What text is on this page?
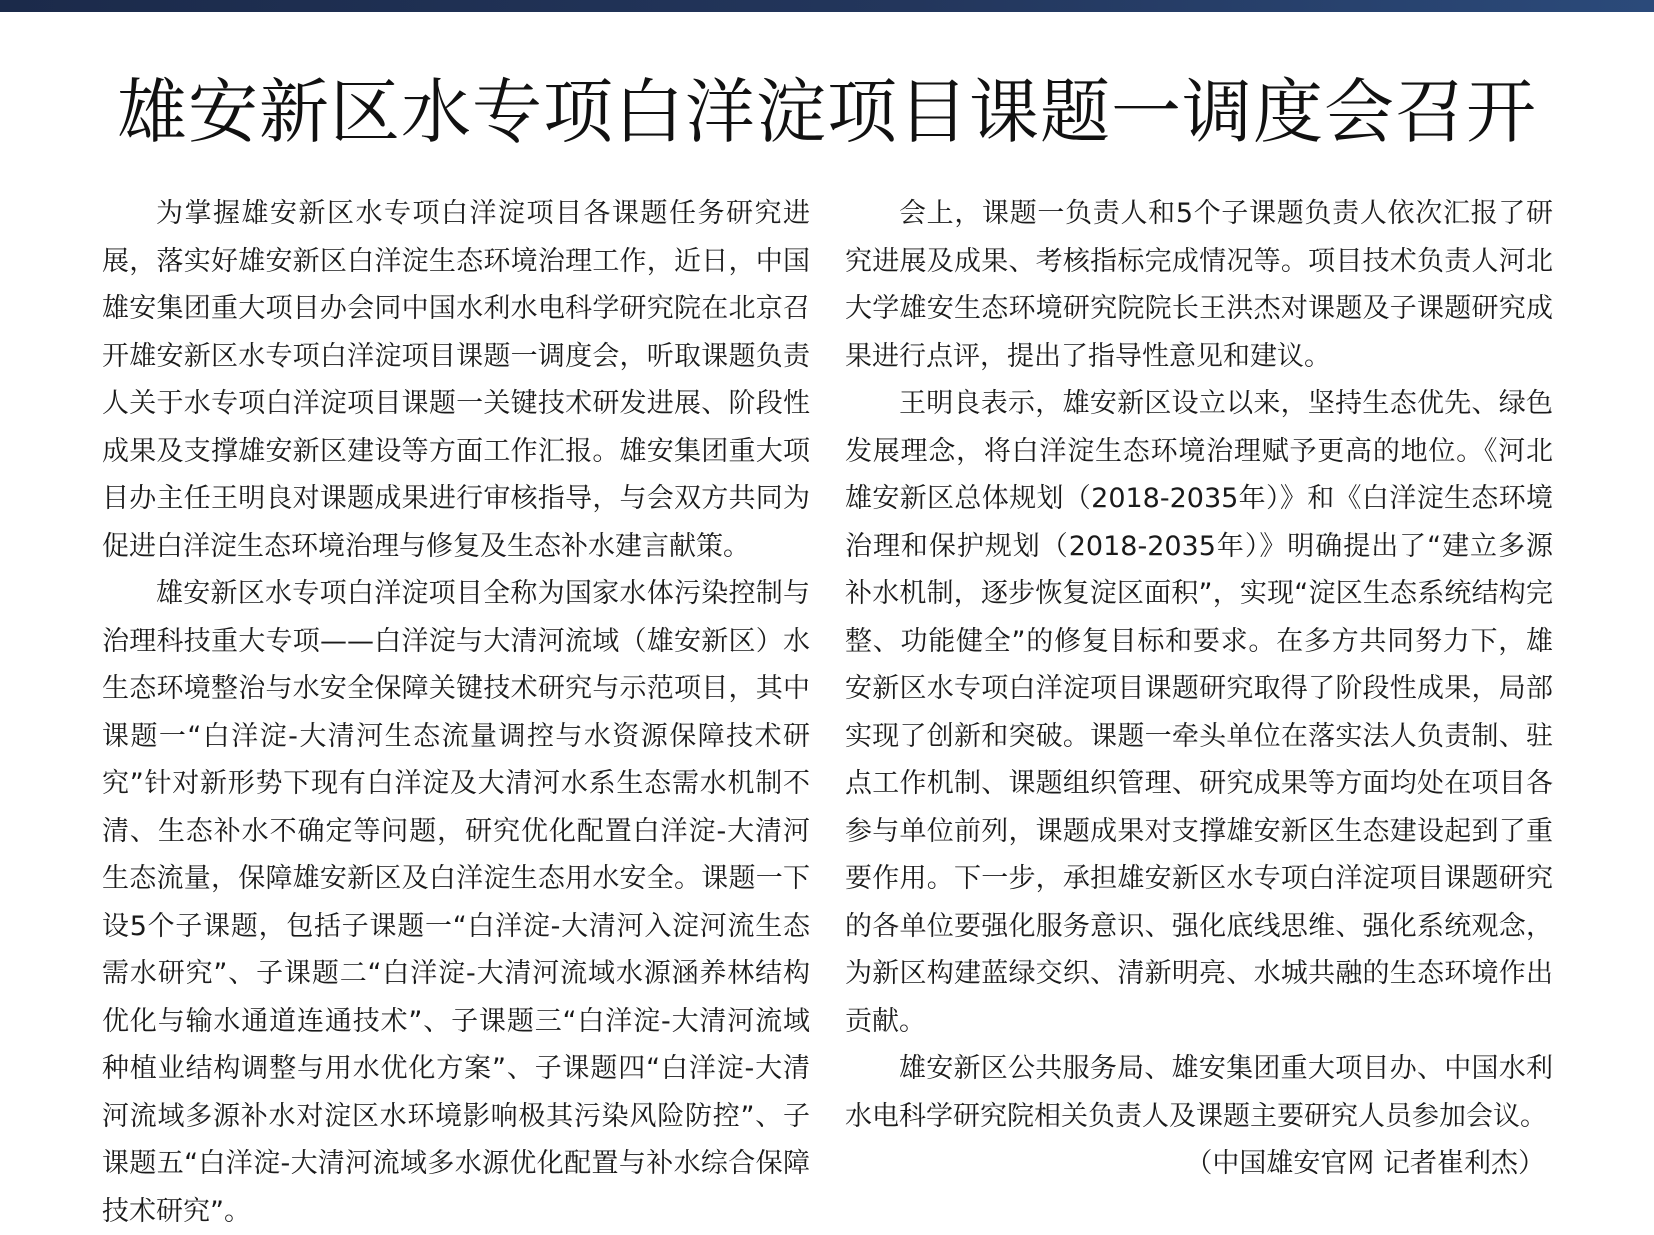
雄安新区水专项白洋淀项目课题一调度会召开

为掌握雄安新区水专项白洋淀项目各课题任务研究进展，落实好雄安新区白洋淀生态环境治理工作，近日，中国雄安集团重大项目办会同中国水利水电科学研究院在北京召开雄安新区水专项白洋淀项目课题一调度会，听取课题负责人关于水专项白洋淀项目课题一关键技术研发进展、阶段性成果及支撑雄安新区建设等方面工作汇报。雄安集团重大项目办主任王明良对课题成果进行审核指导，与会双方共同为促进白洋淀生态环境治理与修复及生态补水建言献策。

雄安新区水专项白洋淀项目全称为国家水体污染控制与治理科技重大专项——白洋淀与大清河流域（雄安新区）水生态环境整治与水安全保障关键技术研究与示范项目，其中课题一“白洋淀-大清河生态流量调控与水资源保障技术研究”针对新形势下现有白洋淀及大清河水系生态需水机制不清、生态补水不确定等问题，研究优化配置白洋淀-大清河生态流量，保障雄安新区及白洋淀生态用水安全。课题一下设5个子课题，包括子课题一“白洋淀-大清河入淀河流生态需水研究”、子课题二“白洋淀-大清河流域水源涵养林结构优化与输水通道连通技术”、子课题三“白洋淀-大清河流域种植业结构调整与用水优化方案”、子课题四“白洋淀-大清河流域多源补水对淀区水环境影响极其污染风险防控”、子课题五“白洋淀-大清河流域多水源优化配置与补水综合保障技术研究”。

会上，课题一负责人和5个子课题负责人依次汇报了研究进展及成果、考核指标完成情况等。项目技术负责人河北大学雄安生态环境研究院院长王洪杰对课题及子课题研究成果进行点评，提出了指导性意见和建议。

王明良表示，雄安新区设立以来，坚持生态优先、绿色发展理念，将白洋淀生态环境治理赋予更高的地位。《河北雄安新区总体规划（2018-2035年）》和《白洋淀生态环境治理和保护规划（2018-2035年）》明确提出了“建立多源补水机制，逐步恢复淀区面积”，实现“淀区生态系统结构完整、功能健全”的修复目标和要求。在多方共同努力下，雄安新区水专项白洋淀项目课题研究取得了阶段性成果，局部实现了创新和突破。课题一牵头单位在落实法人负责制、驻点工作机制、课题组织管理、研究成果等方面均处在项目各参与单位前列，课题成果对支撑雄安新区生态建设起到了重要作用。下一步，承担雄安新区水专项白洋淀项目课题研究的各单位要强化服务意识、强化底线思维、强化系统观念，为新区构建蓝绿交织、清新明亮、水城共融的生态环境作出贡献。

雄安新区公共服务局、雄安集团重大项目办、中国水利水电科学研究院相关负责人及课题主要研究人员参加会议。

（中国雄安官网 记者崔利杰）
